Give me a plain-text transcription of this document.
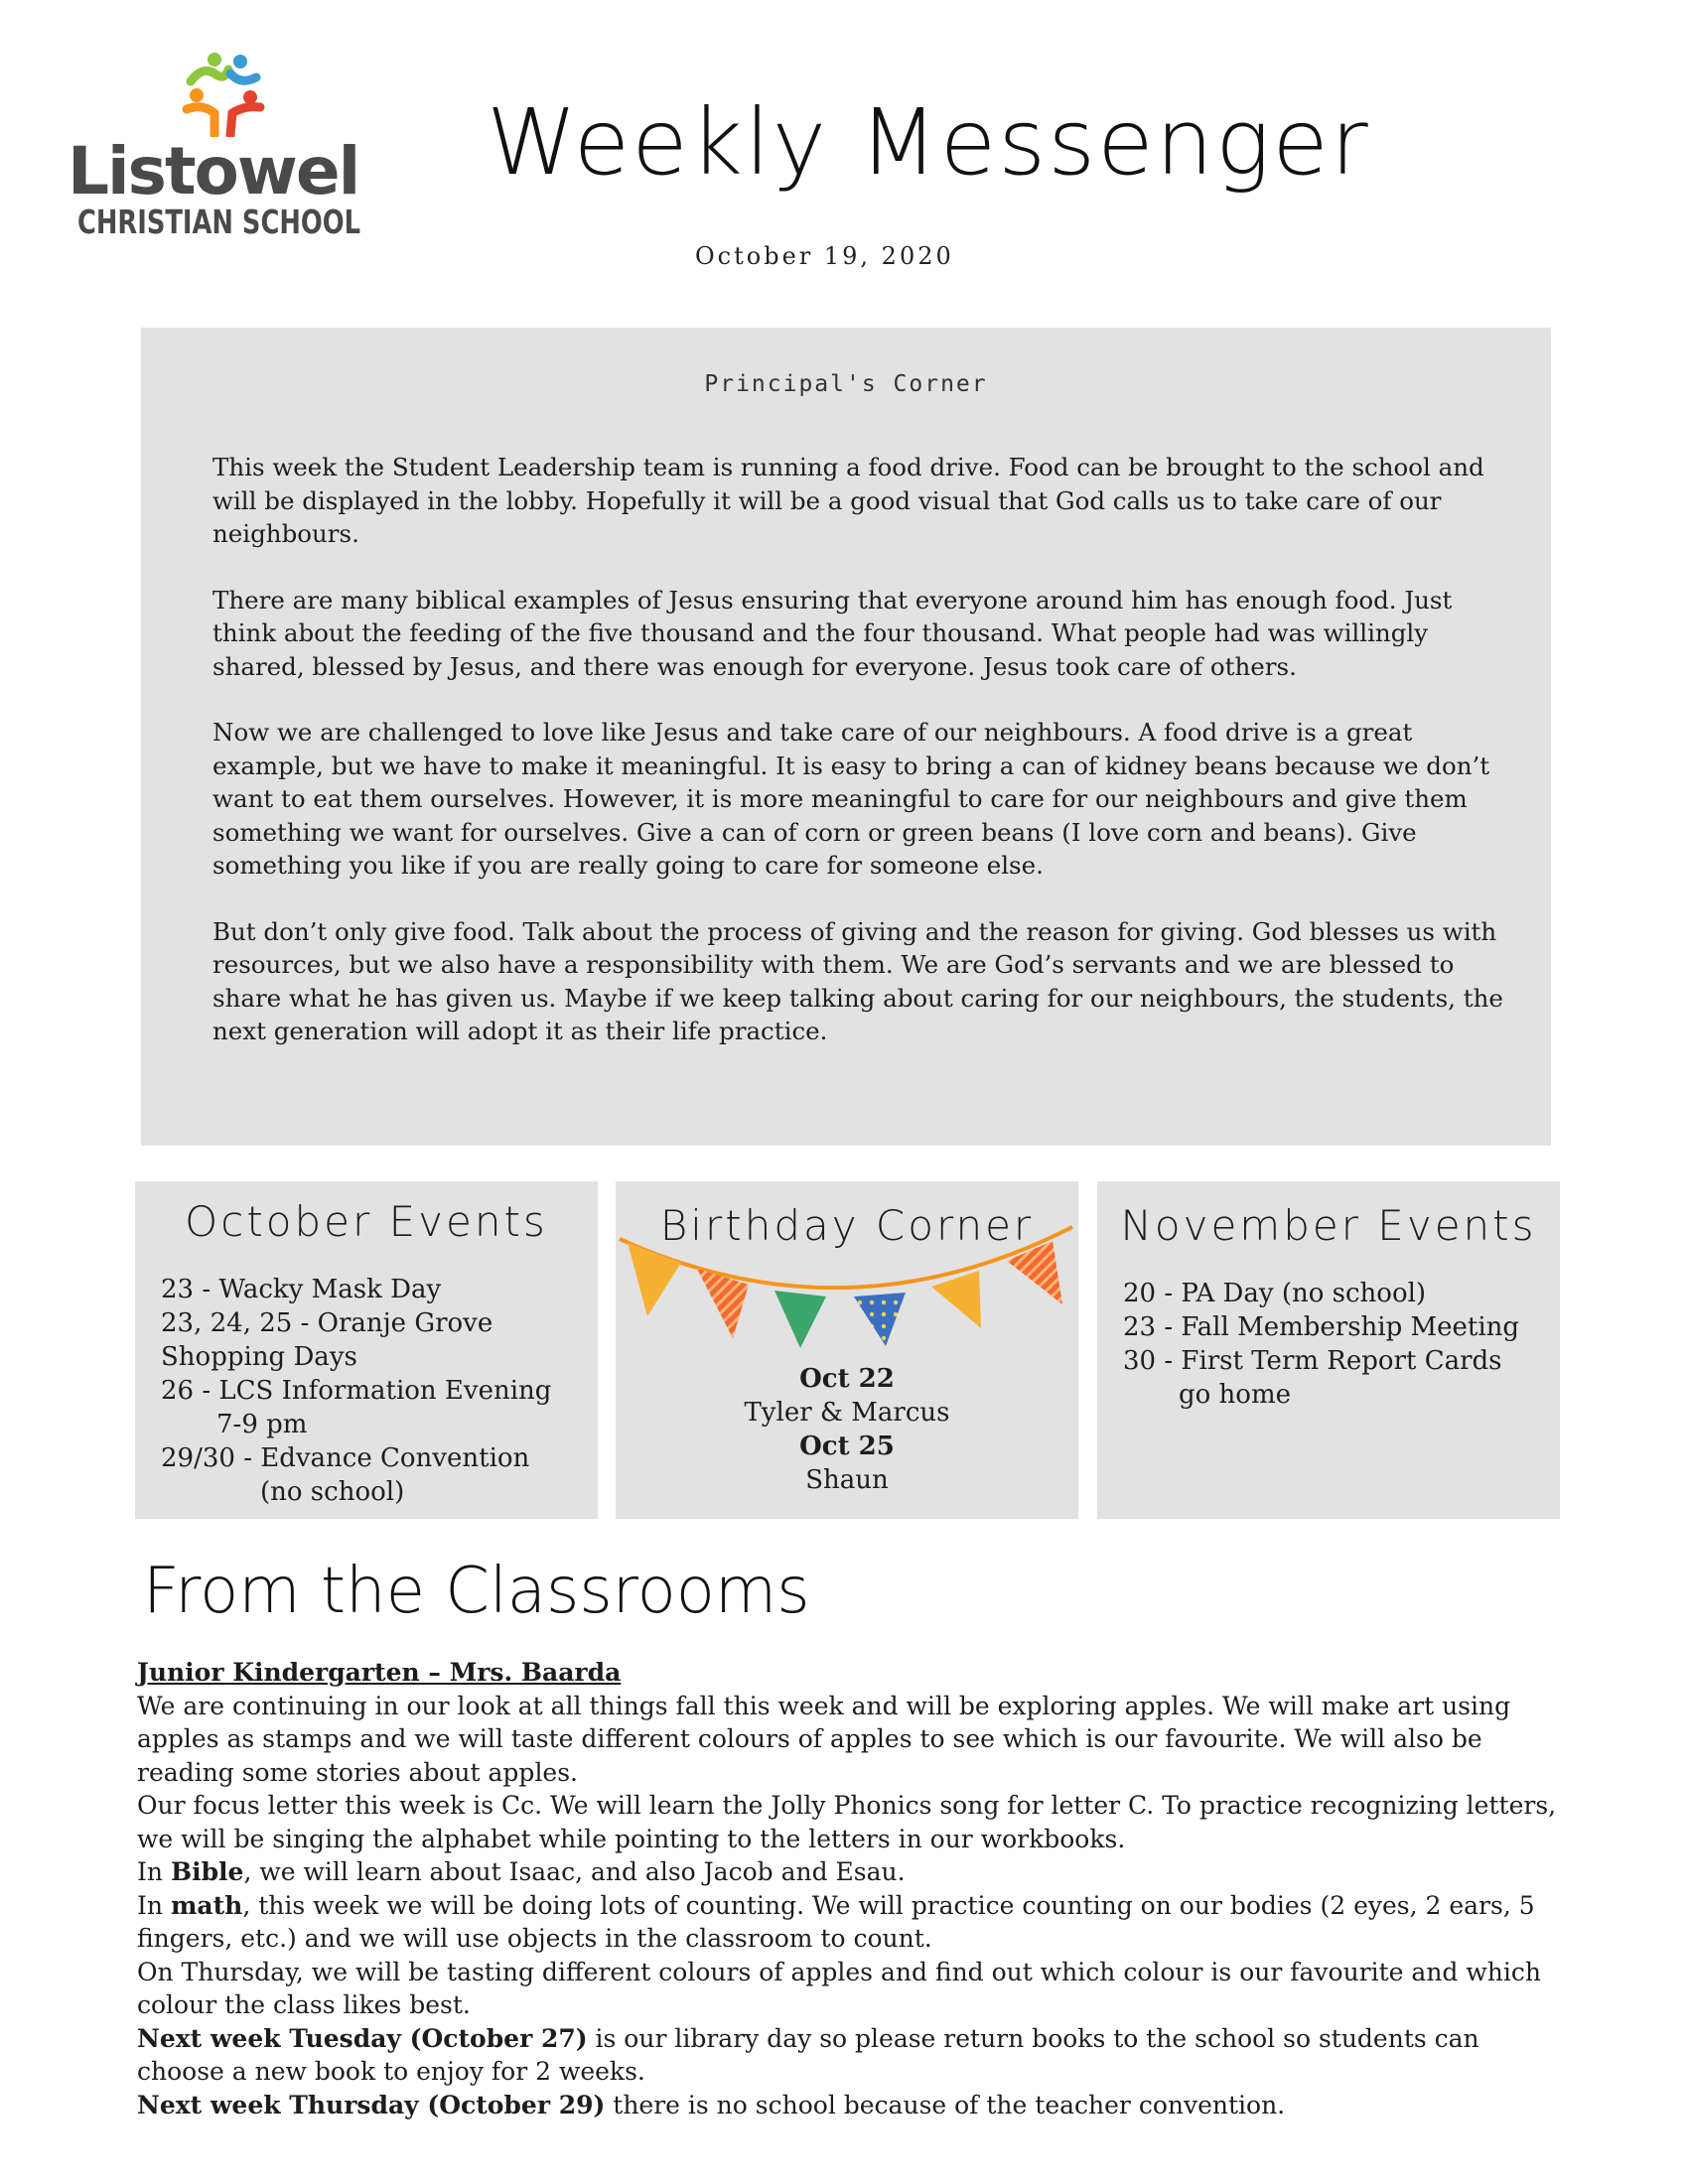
Listowel
CHRISTIAN SCHOOL
Weekly Messenger
October 19, 2020
Principal's Corner

This week the Student Leadership team is running a food drive. Food can be brought to the school and will be displayed in the lobby. Hopefully it will be a good visual that God calls us to take care of our neighbours.

There are many biblical examples of Jesus ensuring that everyone around him has enough food. Just think about the feeding of the five thousand and the four thousand. What people had was willingly shared, blessed by Jesus, and there was enough for everyone. Jesus took care of others.

Now we are challenged to love like Jesus and take care of our neighbours. A food drive is a great example, but we have to make it meaningful. It is easy to bring a can of kidney beans because we don’t want to eat them ourselves. However, it is more meaningful to care for our neighbours and give them something we want for ourselves. Give a can of corn or green beans (I love corn and beans). Give something you like if you are really going to care for someone else.

But don’t only give food. Talk about the process of giving and the reason for giving. God blesses us with resources, but we also have a responsibility with them. We are God’s servants and we are blessed to share what he has given us. Maybe if we keep talking about caring for our neighbours, the students, the next generation will adopt it as their life practice.

October Events
23 - Wacky Mask Day
23, 24, 25 - Oranje Grove
Shopping Days
26 - LCS Information Evening
7-9 pm
29/30 - Edvance Convention
(no school)
Birthday Corner
Oct 22
Tyler & Marcus
Oct 25
Shaun
November Events
20 - PA Day (no school)
23 - Fall Membership Meeting
30 - First Term Report Cards
go home
From the Classrooms
Junior Kindergarten – Mrs. Baarda

We are continuing in our look at all things fall this week and will be exploring apples. We will make art using apples as stamps and we will taste different colours of apples to see which is our favourite. We will also be reading some stories about apples.

Our focus letter this week is Cc. We will learn the Jolly Phonics song for letter C. To practice recognizing letters, we will be singing the alphabet while pointing to the letters in our workbooks.

In Bible, we will learn about Isaac, and also Jacob and Esau.

In math, this week we will be doing lots of counting. We will practice counting on our bodies (2 eyes, 2 ears, 5 fingers, etc.) and we will use objects in the classroom to count.

On Thursday, we will be tasting different colours of apples and find out which colour is our favourite and which colour the class likes best.

Next week Tuesday (October 27) is our library day so please return books to the school so students can choose a new book to enjoy for 2 weeks.

Next week Thursday (October 29) there is no school because of the teacher convention.
